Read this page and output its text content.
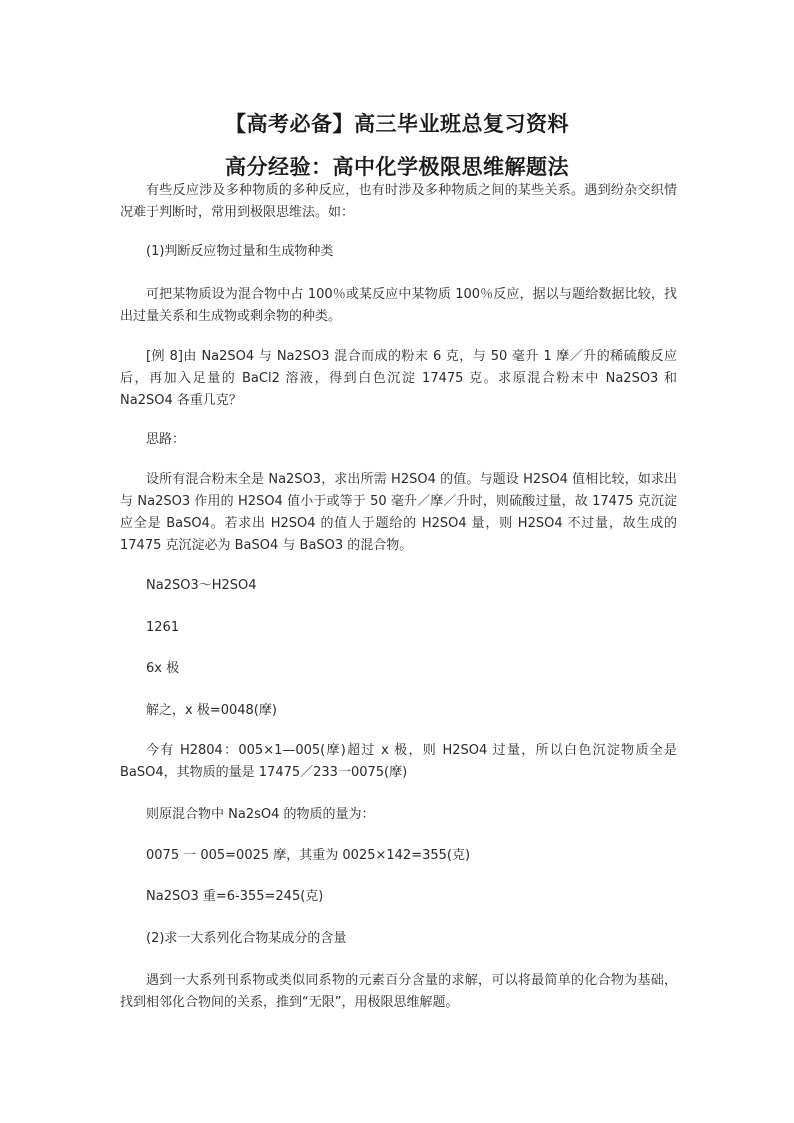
【高考必备】高三毕业班总复习资料
高分经验：高中化学极限思维解题法
有些反应涉及多种物质的多种反应，也有时涉及多种物质之间的某些关系。遇到纷杂交织情况难于判断时，常用到极限思维法。如：
(1)判断反应物过量和生成物种类
可把某物质设为混合物中占 100％或某反应中某物质 100％反应，据以与题给数据比较，找出过量关系和生成物或剩余物的种类。
[例 8]由 Na2SO4 与 Na2SO3 混合而成的粉末 6 克，与 50 毫升 1 摩／升的稀硫酸反应后，再加入足量的 BaCl2 溶液，得到白色沉淀 17475 克。求原混合粉末中 Na2SO3 和 Na2SO4 各重几克？
思路：
设所有混合粉末全是 Na2SO3，求出所需 H2SO4 的值。与题设 H2SO4 值相比较，如求出与 Na2SO3 作用的 H2SO4 值小于或等于 50 毫升／摩／升时，则硫酸过量，故 17475 克沉淀应全是 BaSO4。若求出 H2SO4 的值人于题给的 H2SO4 量，则 H2SO4 不过量，故生成的 17475 克沉淀必为 BaSO4 与 BaSO3 的混合物。
Na2SO3～H2SO4
1261
6x 极
解之，x 极=0048(摩)
今有 H2804：005×1—005(摩)超过 x 极，则 H2SO4 过量，所以白色沉淀物质全是 BaSO4，其物质的量是 17475／233一0075(摩)
则原混合物中 Na2sO4 的物质的量为：
0075 一 005=0025 摩，其重为 0025×142=355(克)
Na2SO3 重=6-355=245(克)
(2)求一大系列化合物某成分的含量
遇到一大系列刊系物或类似同系物的元素百分含量的求解，可以将最简单的化合物为基础，找到相邻化合物间的关系，推到“无限”，用极限思维解题。
